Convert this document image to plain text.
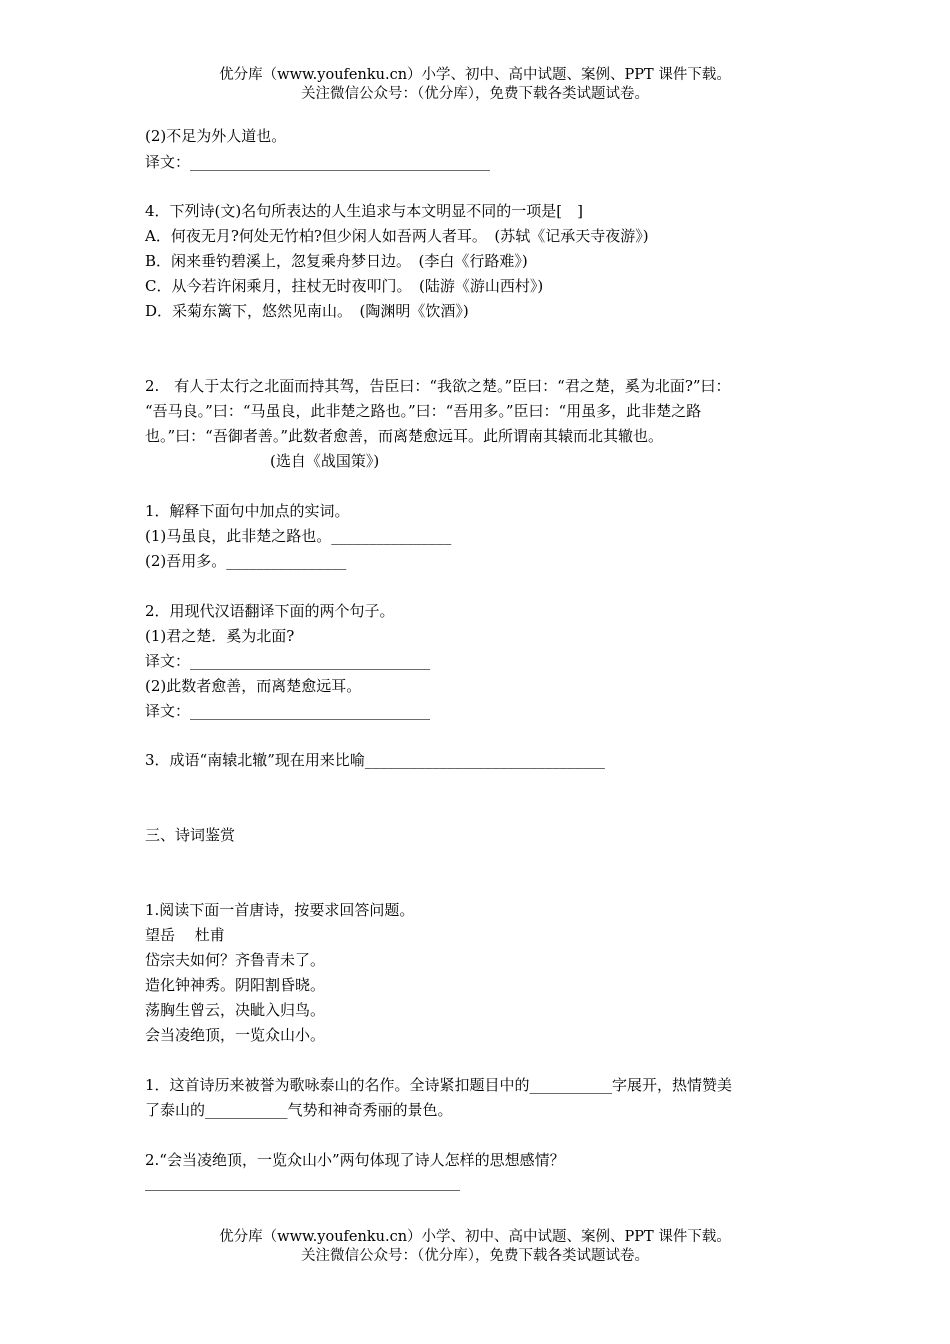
优分库（www.youfenku.cn）小学、初中、高中试题、案例、PPT 课件下载。
关注微信公众号：（优分库），免费下载各类试题试卷。
(2)不足为外人道也。
译文：________________________________________
4．下列诗(文)名句所表达的人生追求与本文明显不同的一项是[　]
A．何夜无月?何处无竹柏?但少闲人如吾两人者耳。　(苏轼《记承天寺夜游》)
B．闲来垂钓碧溪上，忽复乘舟梦日边。　(李白《行路难》)
C．从今若许闲乘月，拄杖无时夜叩门。　(陆游《游山西村》)
D．采菊东篱下，悠然见南山。　(陶渊明《饮酒》)
2.　有人于太行之北面而持其驾，告臣曰：“我欲之楚。”臣曰：“君之楚，奚为北面?”曰：
“吾马良。”曰：“马虽良，此非楚之路也。”曰：“吾用多。”臣曰：“用虽多，此非楚之路
也。”曰：“吾御者善。”此数者愈善，而离楚愈远耳。此所谓南其辕而北其辙也。
(选自《战国策》)
1．解释下面句中加点的实词。
(1)马虽良，此非楚之路也。________________
(2)吾用多。________________
2．用现代汉语翻译下面的两个句子。
(1)君之楚．奚为北面?
译文：________________________________
(2)此数者愈善，而离楚愈远耳。
译文：________________________________
3．成语“南辕北辙”现在用来比喻________________________________
三、诗词鉴赏
1.阅读下面一首唐诗，按要求回答问题。
望岳　 杜甫
岱宗夫如何？齐鲁青未了。
造化钟神秀。阴阳割昏晓。
荡胸生曾云，决眦入归鸟。
会当凌绝顶，一览众山小。
1．这首诗历来被誉为歌咏泰山的名作。全诗紧扣题目中的___________字展开，热情赞美
了泰山的___________气势和神奇秀丽的景色。
2.“会当凌绝顶，一览众山小”两句体现了诗人怎样的思想感情？
__________________________________________
优分库（www.youfenku.cn）小学、初中、高中试题、案例、PPT 课件下载。
关注微信公众号：（优分库），免费下载各类试题试卷。
